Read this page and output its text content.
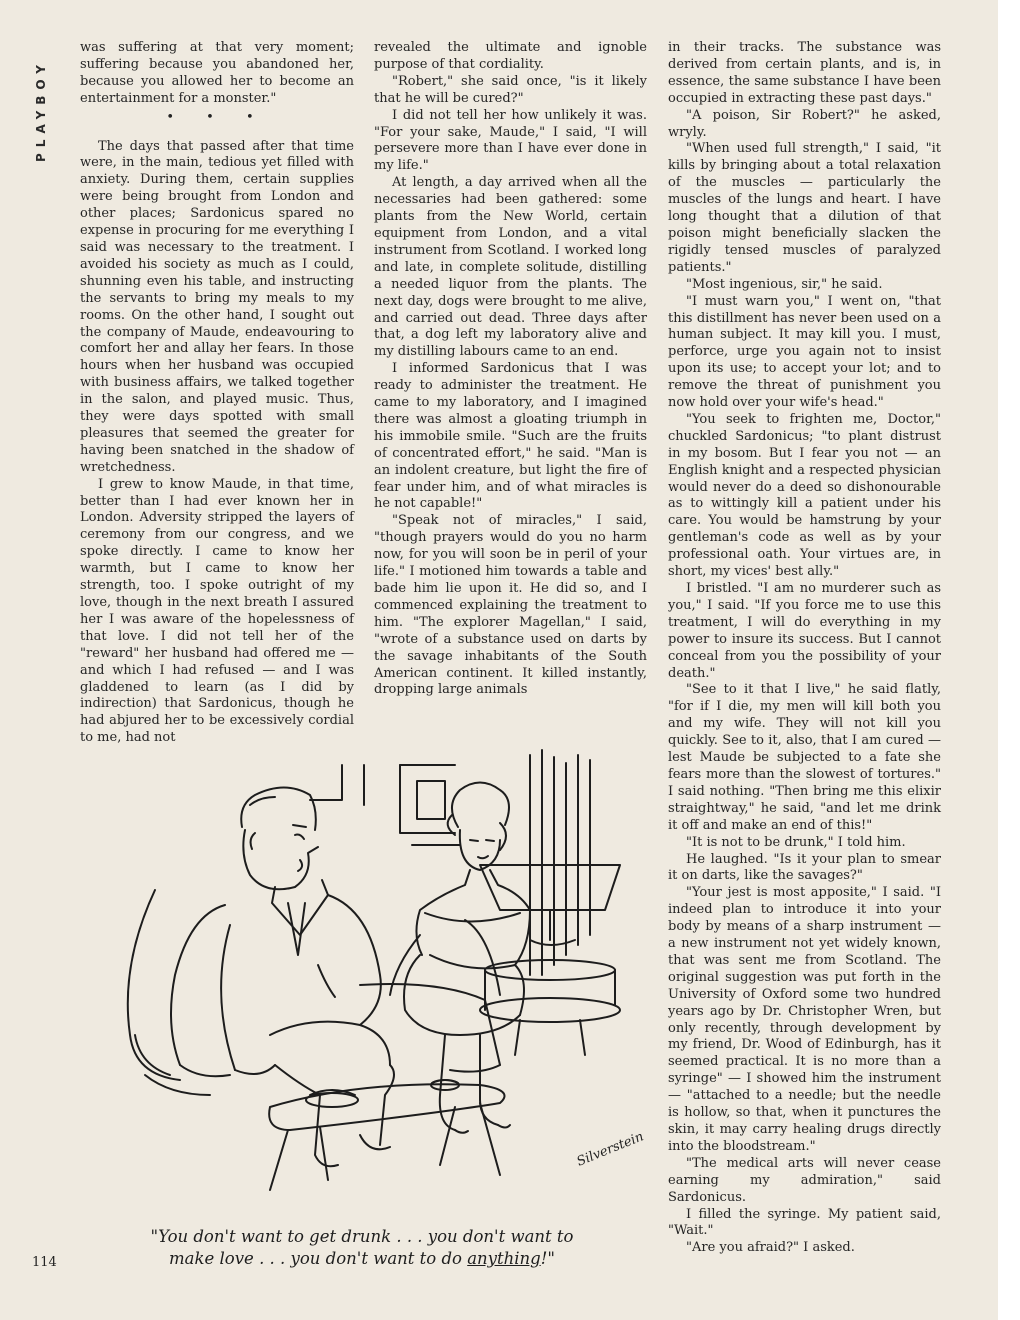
PLAYBOY

was suffering at that very moment; suffering because you abandoned her, because you allowed her to become an entertainment for a monster."

• • •

The days that passed after that time were, in the main, tedious yet filled with anxiety. During them, certain supplies were being brought from London and other places; Sardonicus spared no expense in procuring for me everything I said was necessary to the treatment. I avoided his society as much as I could, shunning even his table, and instructing the servants to bring my meals to my rooms. On the other hand, I sought out the company of Maude, endeavouring to comfort her and allay her fears. In those hours when her husband was occupied with business affairs, we talked together in the salon, and played music. Thus, they were days spotted with small pleasures that seemed the greater for having been snatched in the shadow of wretchedness.

I grew to know Maude, in that time, better than I had ever known her in London. Adversity stripped the layers of ceremony from our congress, and we spoke directly. I came to know her warmth, but I came to know her strength, too. I spoke outright of my love, though in the next breath I assured her I was aware of the hopelessness of that love. I did not tell her of the "reward" her husband had offered me — and which I had refused — and I was gladdened to learn (as I did by indirection) that Sardonicus, though he had abjured her to be excessively cordial to me, had not

revealed the ultimate and ignoble purpose of that cordiality.

"Robert," she said once, "is it likely that he will be cured?"

I did not tell her how unlikely it was. "For your sake, Maude," I said, "I will persevere more than I have ever done in my life."

At length, a day arrived when all the necessaries had been gathered: some plants from the New World, certain equipment from London, and a vital instrument from Scotland. I worked long and late, in complete solitude, distilling a needed liquor from the plants. The next day, dogs were brought to me alive, and carried out dead. Three days after that, a dog left my laboratory alive and my distilling labours came to an end.

I informed Sardonicus that I was ready to administer the treatment. He came to my laboratory, and I imagined there was almost a gloating triumph in his immobile smile. "Such are the fruits of concentrated effort," he said. "Man is an indolent creature, but light the fire of fear under him, and of what miracles is he not capable!"

"Speak not of miracles," I said, "though prayers would do you no harm now, for you will soon be in peril of your life." I motioned him towards a table and bade him lie upon it. He did so, and I commenced explaining the treatment to him. "The explorer Magellan," I said, "wrote of a substance used on darts by the savage inhabitants of the South American continent. It killed instantly, dropping large animals

in their tracks. The substance was derived from certain plants, and is, in essence, the same substance I have been occupied in extracting these past days."

"A poison, Sir Robert?" he asked, wryly.

"When used full strength," I said, "it kills by bringing about a total relaxation of the muscles — particularly the muscles of the lungs and heart. I have long thought that a dilution of that poison might beneficially slacken the rigidly tensed muscles of paralyzed patients."

"Most ingenious, sir," he said.

"I must warn you," I went on, "that this distillment has never been used on a human subject. It may kill you. I must, perforce, urge you again not to insist upon its use; to accept your lot; and to remove the threat of punishment you now hold over your wife's head."

"You seek to frighten me, Doctor," chuckled Sardonicus; "to plant distrust in my bosom. But I fear you not — an English knight and a respected physician would never do a deed so dishonourable as to wittingly kill a patient under his care. You would be hamstrung by your gentleman's code as well as by your professional oath. Your virtues are, in short, my vices' best ally."

I bristled. "I am no murderer such as you," I said. "If you force me to use this treatment, I will do everything in my power to insure its success. But I cannot conceal from you the possibility of your death."

"See to it that I live," he said flatly, "for if I die, my men will kill both you and my wife. They will not kill you quickly. See to it, also, that I am cured — lest Maude be subjected to a fate she fears more than the slowest of tortures." I said nothing. "Then bring me this elixir straightway," he said, "and let me drink it off and make an end of this!"

"It is not to be drunk," I told him.

He laughed. "Is it your plan to smear it on darts, like the savages?"

"Your jest is most apposite," I said. "I indeed plan to introduce it into your body by means of a sharp instrument — a new instrument not yet widely known, that was sent me from Scotland. The original suggestion was put forth in the University of Oxford some two hundred years ago by Dr. Christopher Wren, but only recently, through development by my friend, Dr. Wood of Edinburgh, has it seemed practical. It is no more than a syringe" — I showed him the instrument — "attached to a needle; but the needle is hollow, so that, when it punctures the skin, it may carry healing drugs directly into the bloodstream."

"The medical arts will never cease earning my admiration," said Sardonicus.

I filled the syringe. My patient said, "Wait."

"Are you afraid?" I asked.

Silverstein
"You don't want to get drunk . . . you don't want to
make love . . . you don't want to do anything!"
114
